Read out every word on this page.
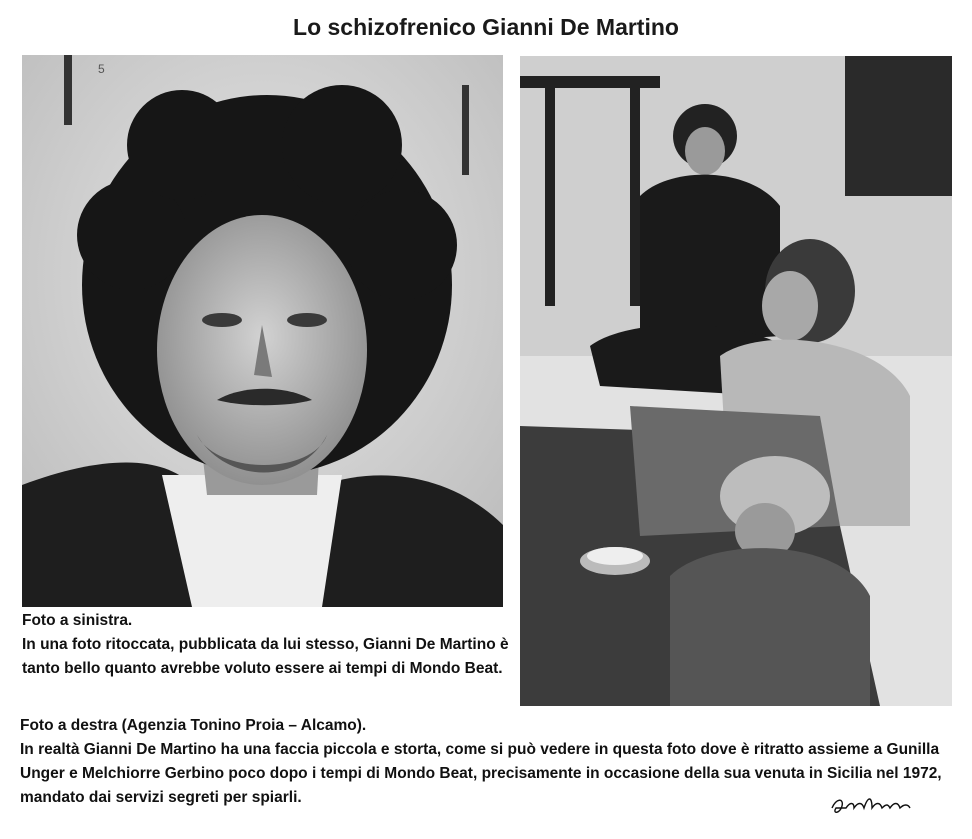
Lo schizofrenico Gianni De Martino
5

Foto a sinistra.

In una foto ritoccata, pubblicata da lui stesso, Gianni De Martino è tanto bello quanto avrebbe voluto essere ai tempi di Mondo Beat.

Foto a destra (Agenzia Tonino Proia – Alcamo).

In realtà Gianni De Martino ha una faccia piccola e storta, come si può vedere in questa foto dove è ritratto assieme a Gunilla Unger e Melchiorre Gerbino poco dopo i tempi di Mondo Beat, precisamente in occasione della sua venuta in Sicilia nel 1972, mandato dai servizi segreti per spiarli.
